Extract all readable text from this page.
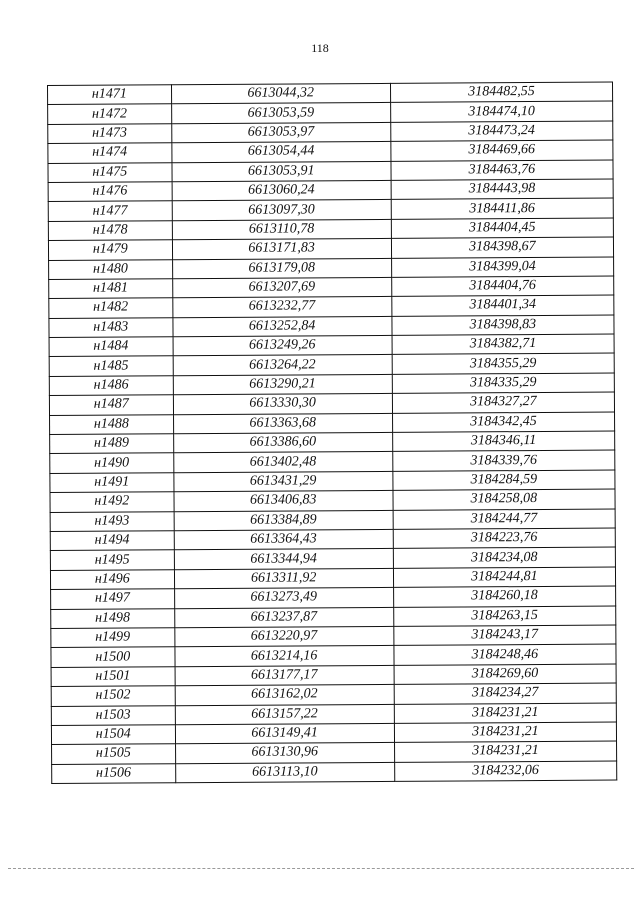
118
н1471	6613044,32	3184482,55
н1472	6613053,59	3184474,10
н1473	6613053,97	3184473,24
н1474	6613054,44	3184469,66
н1475	6613053,91	3184463,76
н1476	6613060,24	3184443,98
н1477	6613097,30	3184411,86
н1478	6613110,78	3184404,45
н1479	6613171,83	3184398,67
н1480	6613179,08	3184399,04
н1481	6613207,69	3184404,76
н1482	6613232,77	3184401,34
н1483	6613252,84	3184398,83
н1484	6613249,26	3184382,71
н1485	6613264,22	3184355,29
н1486	6613290,21	3184335,29
н1487	6613330,30	3184327,27
н1488	6613363,68	3184342,45
н1489	6613386,60	3184346,11
н1490	6613402,48	3184339,76
н1491	6613431,29	3184284,59
н1492	6613406,83	3184258,08
н1493	6613384,89	3184244,77
н1494	6613364,43	3184223,76
н1495	6613344,94	3184234,08
н1496	6613311,92	3184244,81
н1497	6613273,49	3184260,18
н1498	6613237,87	3184263,15
н1499	6613220,97	3184243,17
н1500	6613214,16	3184248,46
н1501	6613177,17	3184269,60
н1502	6613162,02	3184234,27
н1503	6613157,22	3184231,21
н1504	6613149,41	3184231,21
н1505	6613130,96	3184231,21
н1506	6613113,10	3184232,06
